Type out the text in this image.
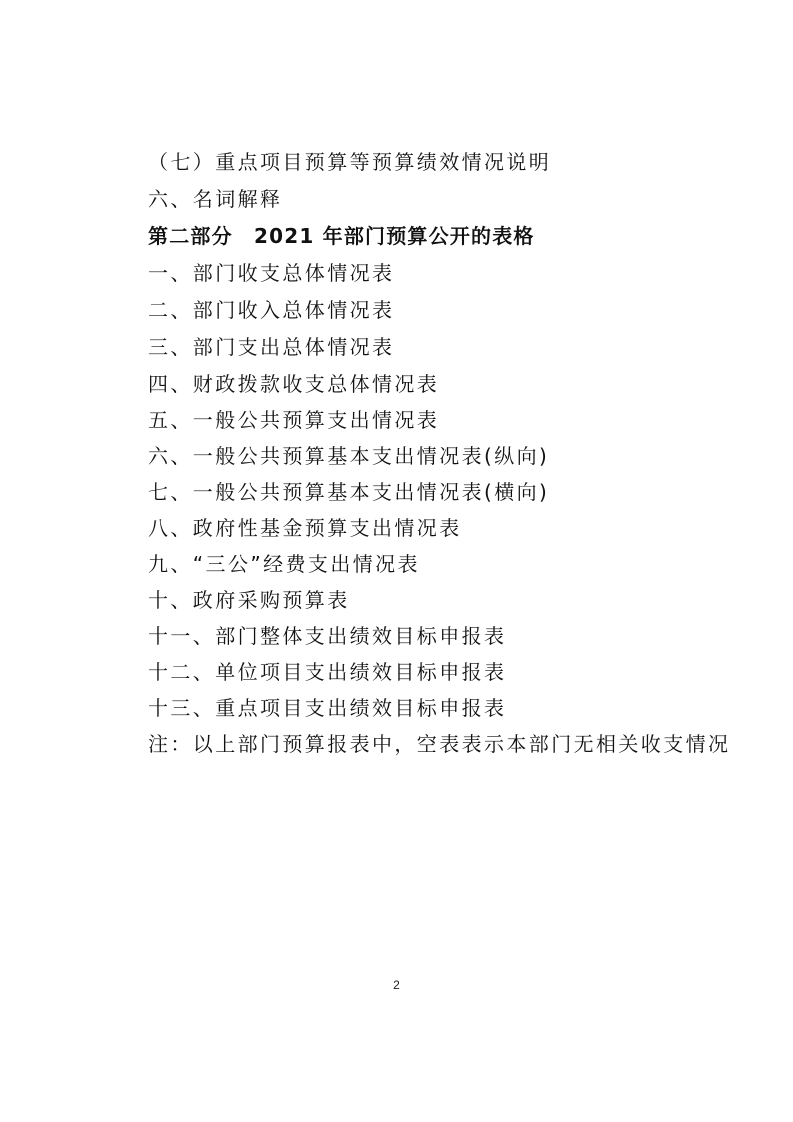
（七）重点项目预算等预算绩效情况说明
六、名词解释
第二部分　2021 年部门预算公开的表格
一、部门收支总体情况表
二、部门收入总体情况表
三、部门支出总体情况表
四、财政拨款收支总体情况表
五、一般公共预算支出情况表
六、一般公共预算基本支出情况表(纵向)
七、一般公共预算基本支出情况表(横向)
八、政府性基金预算支出情况表
九、“三公”经费支出情况表
十、政府采购预算表
十一、部门整体支出绩效目标申报表
十二、单位项目支出绩效目标申报表
十三、重点项目支出绩效目标申报表
注：以上部门预算报表中，空表表示本部门无相关收支情况
2
